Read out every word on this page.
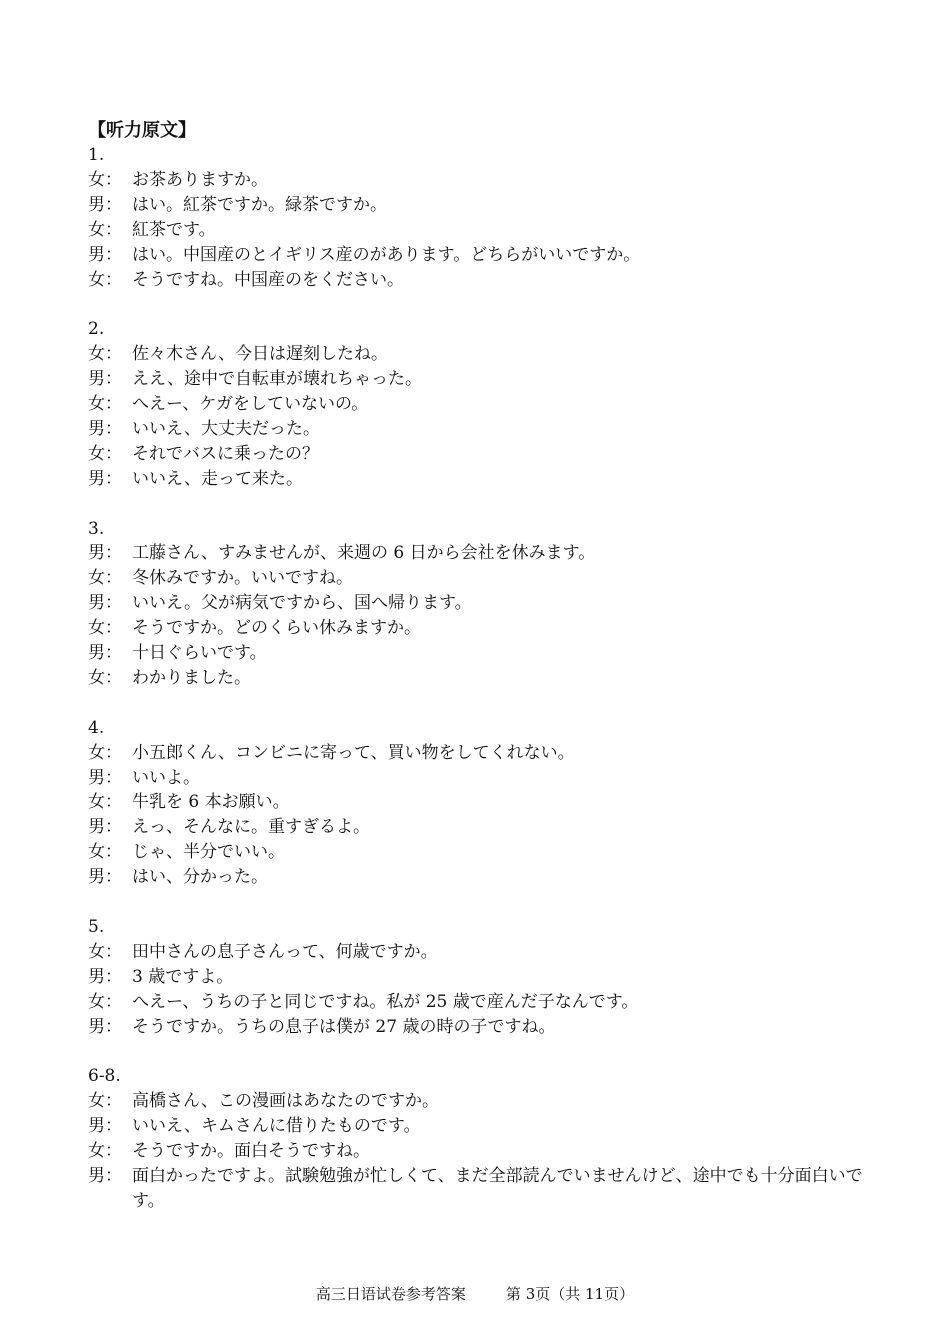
【听力原文】
1.
女： お茶ありますか。
男： はい。紅茶ですか。緑茶ですか。
女： 紅茶です。
男： はい。中国産のとイギリス産のがあります。どちらがいいですか。
女： そうですね。中国産のをください。
2.
女： 佐々木さん、今日は遅刻したね。
男： ええ、途中で自転車が壊れちゃった。
女： へえー、ケガをしていないの。
男： いいえ、大丈夫だった。
女： それでバスに乗ったの？
男： いいえ、走って来た。
3.
男： 工藤さん、すみませんが、来週の 6 日から会社を休みます。
女： 冬休みですか。いいですね。
男： いいえ。父が病気ですから、国へ帰ります。
女： そうですか。どのくらい休みますか。
男： 十日ぐらいです。
女： わかりました。
4.
女： 小五郎くん、コンビニに寄って、買い物をしてくれない。
男： いいよ。
女： 牛乳を 6 本お願い。
男： えっ、そんなに。重すぎるよ。
女： じゃ、半分でいい。
男： はい、分かった。
5.
女： 田中さんの息子さんって、何歳ですか。
男： 3 歳ですよ。
女： へえー、うちの子と同じですね。私が 25 歳で産んだ子なんです。
男： そうですか。うちの息子は僕が 27 歳の時の子ですね。
6-8.
女： 高橋さん、この漫画はあなたのですか。
男： いいえ、キムさんに借りたものです。
女： そうですか。面白そうですね。
男： 面白かったですよ。試験勉強が忙しくて、まだ全部読んでいませんけど、途中でも十分面白いです。
高三日语试卷参考答案	第 3页（共 11页）
